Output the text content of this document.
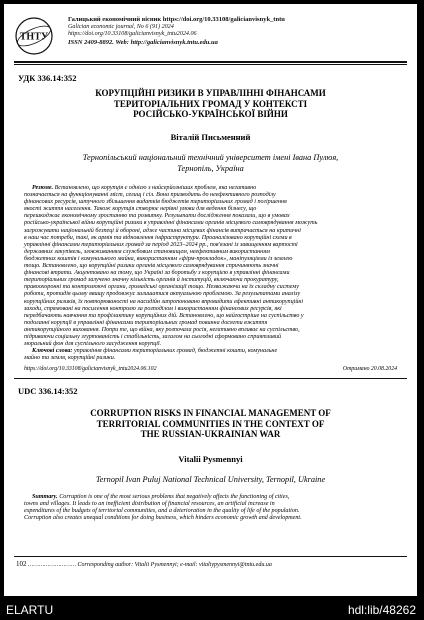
ТНТУ
Галицький економічний вісник https://doi.org/10.33108/galicianvisnyk_tntu
Galician economic journal, No 6 (91) 2024
https://doi.org/10.33108/galicianvisnyk_tntu2024.06
ISSN 2409-8892. Web: http://galicianvisnyk.tntu.edu.ua
УДК 336.14:352
КОРУПЦІЙНІ РИЗИКИ В УПРАВЛІННІ ФІНАНСАМИ
ТЕРИТОРІАЛЬНИХ ГРОМАД У КОНТЕКСТІ
РОСІЙСЬКО-УКРАЇНСЬКОЇ ВІЙНИ
Віталій Письменний
Тернопільський національний технічний університет імені Івана Пулюя,
Тернопіль, Україна
Резюме. Встановлено, що корупція є однією з найсерйозніших проблем, яка негативно
позначається на функціонуванні міст, селищ і сіл. Вона призводить до неефективного розподілу
фінансових ресурсів, штучного збільшення видатків бюджетів територіальних громад і погіршення
якості життя населення. Також корупція створює нерівні умови для ведення бізнесу, що
перешкоджає економічному зростанню та розвитку. Результати дослідження показали, що в умовах
російсько-української війни корупційні ризики в управлінні фінансами органів місцевого самоврядування можуть
загрожувати національній безпеці й обороні, адже частина місцевих фінансів витрачається на критичні
в наш час потреби, такі, як армія та відновлення інфраструктури. Проаналізовано корупційні схеми в
управлінні фінансами територіальних громад за період 2023–2024 рр., пов'язані із завищенням вартості
державних закупівель, зловживанням службовим становищем, неефективним використанням
бюджетних коштів і комунального майна, використанням «фірм-прокладок», маніпуляціями із землею
тощо. Встановлено, що корупційні ризики органів місцевого самоврядування спричиняють значні
фінансові втрати. Акцентовано на тому, що Україні за боротьбу з корупцією в управлінні фінансами
територіальних громад залучено значну кількість органів й інституцій, включаючи прокуратуру,
правоохоронні та контролюючі органи, громадські організації тощо. Незважаючи на їх складну систему
роботи, протидія цьому явищу продовжує залишатися актуальною проблемою. За результатами аналізу
корупційних ризиків, їх повторюваності на насидійн запропоновано впровадити ефективні антикорупційні
заходи, спрямовані на посилення контролю за розподілом і використанням фінансових ресурсів, які
передбачають навчання та профілактику корупційних дій. Встановлено, що найгостріше на суспільство у
подоланні корупції в управлінні фінансами територіальних громад повинна досягти вжиття
антикорупційного виховання. Попри те, що війна, яку розпочала росія, негативно впливає на суспільство,
підриваючи соціальну згуртованість і стабільність, загалом на сьогодні сформовано сприятливий
моральний фон для суспільного засудження корупції.
Ключові слова: управління фінансами територіальних громад, бюджетні кошти, комунальне
майно та земля, корупційні ризики.
https://doi.org/10.33108/galicianvisnyk_tntu2024.06.102	Отримано 20.08.2024
UDC 336.14:352
CORRUPTION RISKS IN FINANCIAL MANAGEMENT OF
TERRITORIAL COMMUNITIES IN THE CONTEXT OF
THE RUSSIAN-UKRAINIAN WAR
Vitalii Pysmennyi
Ternopil Ivan Puluj National Technical University, Ternopil, Ukraine
Summary. Corruption is one of the most serious problems that negatively affects the functioning of cities,
towns and villages. It leads to an inefficient distribution of financial resources, an artificial increase in
expenditures of the budgets of territorial communities, and a deterioration in the quality of life of the population.
Corruption also creates unequal conditions for doing business, which hinders economic growth and development.
102 ……………………… Corresponding author: Vitalii Pysmennyi; e-mail: vitaliypysmennyi@tntu.edu.ua
ELARTU	hdl:lib/48262
